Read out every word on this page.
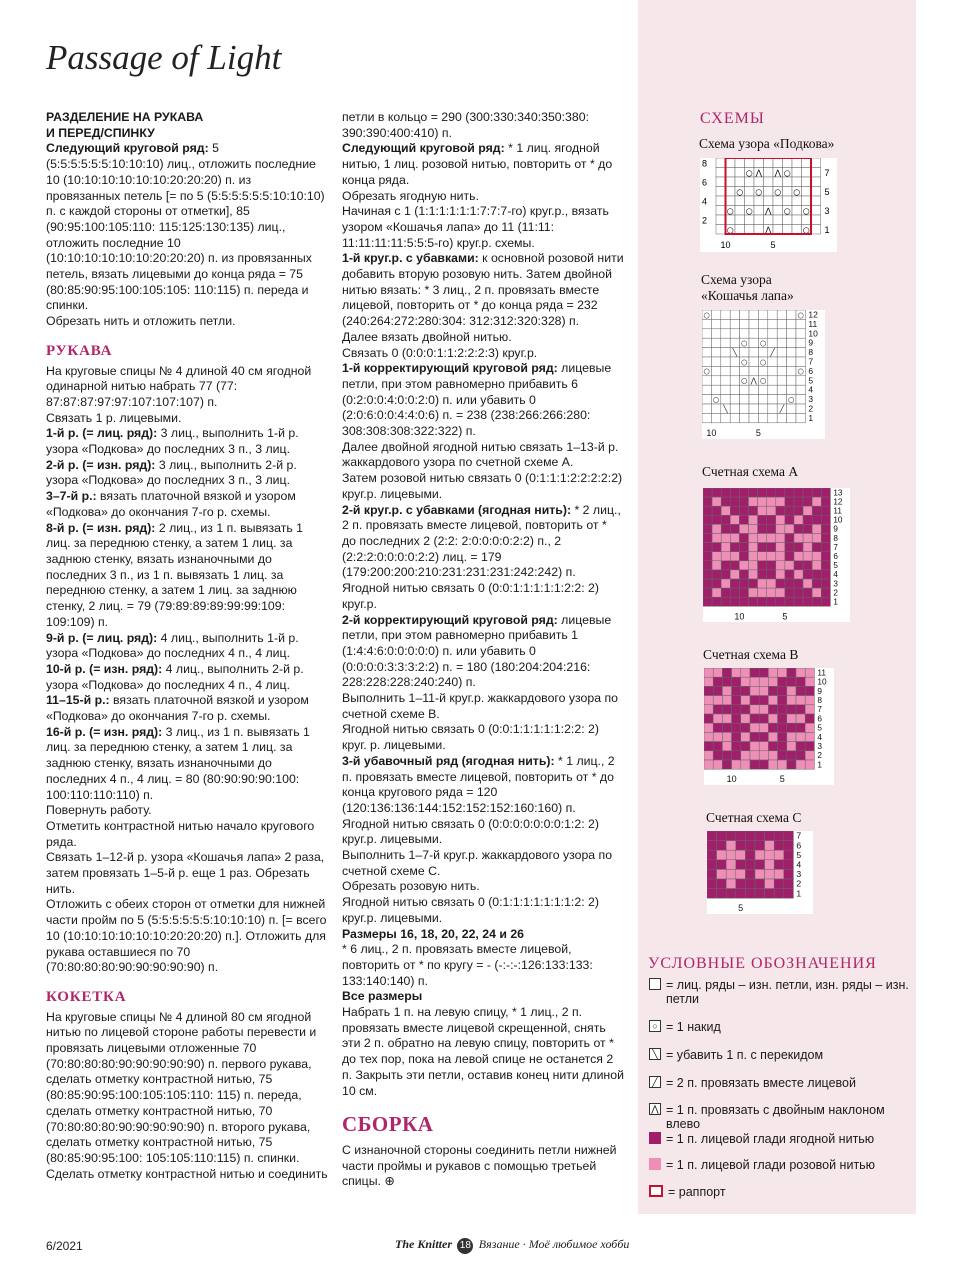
Passage of Light

РАЗДЕЛЕНИЕ НА РУКАВА

И ПЕРЕД/СПИНКУ

Следующий круговой ряд: 5 (5:5:5:5:5:5:10:10:10) лиц., отложить последние 10 (10:10:10:10:10:10:20:20:20) п. из провязанных петель [= по 5 (5:5:5:5:5:5:10:10:10) п. с каждой стороны от отметки], 85 (90:95:100:105:110: 115:125:130:135) лиц., отложить последние 10 (10:10:10:10:10:10:20:20:20) п. из провязанных петель, вязать лицевыми до конца ряда = 75 (80:85:90:95:100:105:105: 110:115) п. переда и спинки.

Обрезать нить и отложить петли.

РУКАВА

На круговые спицы № 4 длиной 40 см ягодной одинарной нитью набрать 77 (77: 87:87:87:97:97:107:107:107) п.

Связать 1 р. лицевыми.

1-й р. (= лиц. ряд): 3 лиц., выполнить 1-й р. узора «Подкова» до последних 3 п., 3 лиц.

2-й р. (= изн. ряд): 3 лиц., выполнить 2-й р. узора «Подкова» до последних 3 п., 3 лиц.

3–7-й р.: вязать платочной вязкой и узором «Подкова» до окончания 7-го р. схемы.

8-й р. (= изн. ряд): 2 лиц., из 1 п. вывязать 1 лиц. за переднюю стенку, а затем 1 лиц. за заднюю стенку, вязать изнаночными до последних 3 п., из 1 п. вывязать 1 лиц. за переднюю стенку, а затем 1 лиц. за заднюю стенку, 2 лиц. = 79 (79:89:89:89:99:99:109: 109:109) п.

9-й р. (= лиц. ряд): 4 лиц., выполнить 1-й р. узора «Подкова» до последних 4 п., 4 лиц.

10-й р. (= изн. ряд): 4 лиц., выполнить 2-й р. узора «Подкова» до последних 4 п., 4 лиц.

11–15-й р.: вязать платочной вязкой и узором «Подкова» до окончания 7-го р. схемы.

16-й р. (= изн. ряд): 3 лиц., из 1 п. вывязать 1 лиц. за переднюю стенку, а затем 1 лиц. за заднюю стенку, вязать изнаночными до последних 4 п., 4 лиц. = 80 (80:90:90:90:100: 100:110:110:110) п.

Повернуть работу.

Отметить контрастной нитью начало кругового ряда.

Связать 1–12-й р. узора «Кошачья лапа» 2 раза, затем провязать 1–5-й р. еще 1 раз. Обрезать нить.

Отложить с обеих сторон от отметки для нижней части пройм по 5 (5:5:5:5:5:5:10:10:10) п. [= всего 10 (10:10:10:10:10:10:20:20:20) п.]. Отложить для рукава оставшиеся по 70 (70:80:80:80:90:90:90:90:90) п.

КОКЕТКА

На круговые спицы № 4 длиной 80 см ягодной нитью по лицевой стороне работы перевести и провязать лицевыми отложенные 70 (70:80:80:80:90:90:90:90:90) п. первого рукава, сделать отметку контрастной нитью, 75 (80:85:90:95:100:105:105:110: 115) п. переда, сделать отметку контрастной нитью, 70 (70:80:80:80:90:90:90:90:90) п. второго рукава, сделать отметку контрастной нитью, 75 (80:85:90:95:100: 105:105:110:115) п. спинки. Сделать отметку контрастной нитью и соединить

петли в кольцо = 290 (300:330:340:350:380: 390:390:400:410) п.

Следующий круговой ряд: * 1 лиц. ягодной нитью, 1 лиц. розовой нитью, повторить от * до конца ряда.

Обрезать ягодную нить.

Начиная с 1 (1:1:1:1:1:1:7:7:7-го) круг.р., вязать узором «Кошачья лапа» до 11 (11:11: 11:11:11:11:5:5:5-го) круг.р. схемы.

1-й круг.р. с убавками: к основной розовой нити добавить вторую розовую нить. Затем двойной нитью вязать: * 3 лиц., 2 п. провязать вместе лицевой, повторить от * до конца ряда = 232 (240:264:272:280:304: 312:312:320:328) п.

Далее вязать двойной нитью.

Связать 0 (0:0:0:1:1:2:2:2:3) круг.р.

1-й корректирующий круговой ряд: лицевые петли, при этом равномерно прибавить 6 (0:2:0:0:4:0:0:2:0) п. или убавить 0 (2:0:6:0:0:4:4:0:6) п. = 238 (238:266:266:280: 308:308:308:322:322) п.

Далее двойной ягодной нитью связать 1–13-й р. жаккардового узора по счетной схеме А.

Затем розовой нитью связать 0 (0:1:1:1:2:2:2:2:2) круг.р. лицевыми.

2-й круг.р. с убавками (ягодная нить): * 2 лиц., 2 п. провязать вместе лицевой, повторить от * до последних 2 (2:2: 2:0:0:0:0:2:2) п., 2 (2:2:2:0:0:0:0:2:2) лиц. = 179 (179:200:200:210:231:231:231:242:242) п. Ягодной нитью связать 0 (0:0:1:1:1:1:1:2:2: 2) круг.р.

2-й корректирующий круговой ряд: лицевые петли, при этом равномерно прибавить 1 (1:4:4:6:0:0:0:0:0) п. или убавить 0 (0:0:0:0:3:3:3:2:2) п. = 180 (180:204:204:216: 228:228:228:240:240) п.

Выполнить 1–11-й круг.р. жаккардового узора по счетной схеме В.

Ягодной нитью связать 0 (0:0:1:1:1:1:1:2:2: 2) круг. р. лицевыми.

3-й убавочный ряд (ягодная нить): * 1 лиц., 2 п. провязать вместе лицевой, повторить от * до конца кругового ряда = 120 (120:136:136:144:152:152:152:160:160) п. Ягодной нитью связать 0 (0:0:0:0:0:0:0:1:2: 2) круг.р. лицевыми.

Выполнить 1–7-й круг.р. жаккардового узора по счетной схеме С.

Обрезать розовую нить.

Ягодной нитью связать 0 (0:1:1:1:1:1:1:1:2: 2) круг.р. лицевыми.

Размеры 16, 18, 20, 22, 24 и 26

* 6 лиц., 2 п. провязать вместе лицевой, повторить от * по кругу = - (-:-:-:126:133:133: 133:140:140) п.

Все размеры

Набрать 1 п. на левую спицу, * 1 лиц., 2 п. провязать вместе лицевой скрещенной, снять эти 2 п. обратно на левую спицу, повторить от * до тех пор, пока на левой спице не останется 2 п. Закрыть эти петли, оставив конец нити длиной 10 см.

СБОРКА

С изнаночной стороны соединить петли нижней части проймы и рукавов с помощью третьей спицы. ⊕

СХЕМЫ
Схема узора «Подкова»
○ ⋀ ⋀ ○
○ ○ ○ ○
○ ○ ⋀ ○ ○
○	⋀	○
8
7
6
5
4
3
2
1
10	5
Схема узора
«Кошачья лапа»
○	○
○ ○
╲	╱
○ ○
○	○
○ ⋀ ○
○	○
╲	╱
12
11
10
9
8
7
6
5
4
3
2
1
10	5
Счетная схема А
13
12
11
10
9
8
7
6
5
4
3
2
1
10	5
Счетная схема В
11
10
9
8
7
6
5
4
3
2
1
10	5
Счетная схема С
7
6
5
4
3
2
1
5
УСЛОВНЫЕ ОБОЗНАЧЕНИЯ
= лиц. ряды – изн. петли, изн. ряды – изн. петли
○ = 1 накид
╲ = убавить 1 п. с перекидом
╱ = 2 п. провязать вместе лицевой
⋀ = 1 п. провязать с двойным наклоном влево
= 1 п. лицевой глади ягодной нитью
= 1 п. лицевой глади розовой нитью
= раппорт
6/2021	The Knitter 18 Вязание · Моё любимое хобби
